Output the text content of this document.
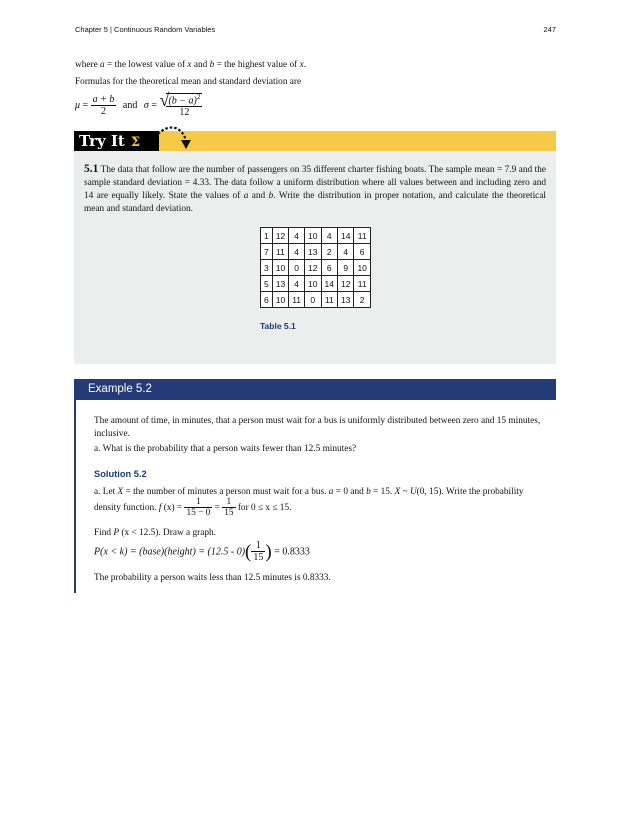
Chapter 5 | Continuous Random Variables	247

where a = the lowest value of x and b = the highest value of x.

Formulas for the theoretical mean and standard deviation are

$\mu = \frac{a + b}{2}$ and σ = √
$\frac{(b - a)^2}{12}$
Try It Σ

5.1 The data that follow are the number of passengers on 35 different charter fishing boats. The sample mean = 7.9 and the sample standard deviation = 4.33. The data follow a uniform distribution where all values between and including zero and 14 are equally likely. State the values of a and b. Write the distribution in proper notation, and calculate the theoretical mean and standard deviation.

1	12	4	10	4	14	11
7	11	4	13	2	4	6
3	10	0	12	6	9	10
5	13	4	10	14	12	11
6	10	11	0	11	13	2
Table 5.1
Example 5.2

The amount of time, in minutes, that a person must wait for a bus is uniformly distributed between zero and 15 minutes, inclusive.

a. What is the probability that a person waits fewer than 12.5 minutes?

Solution 5.2

a. Let X = the number of minutes a person must wait for a bus. a = 0 and b = 15. X ~ U(0, 15). Write the probability

density function. f $(x) = \frac{1}{15 - 0} = \frac{1}{15}$ for 0 ≤ x ≤ 15.

Find P (x < 12.5). Draw a graph.

P(x < k) = (base)(height) = $(12.5 - 0)( \frac{1}{15}$ ) = 0.8333

The probability a person waits less than 12.5 minutes is 0.8333.
